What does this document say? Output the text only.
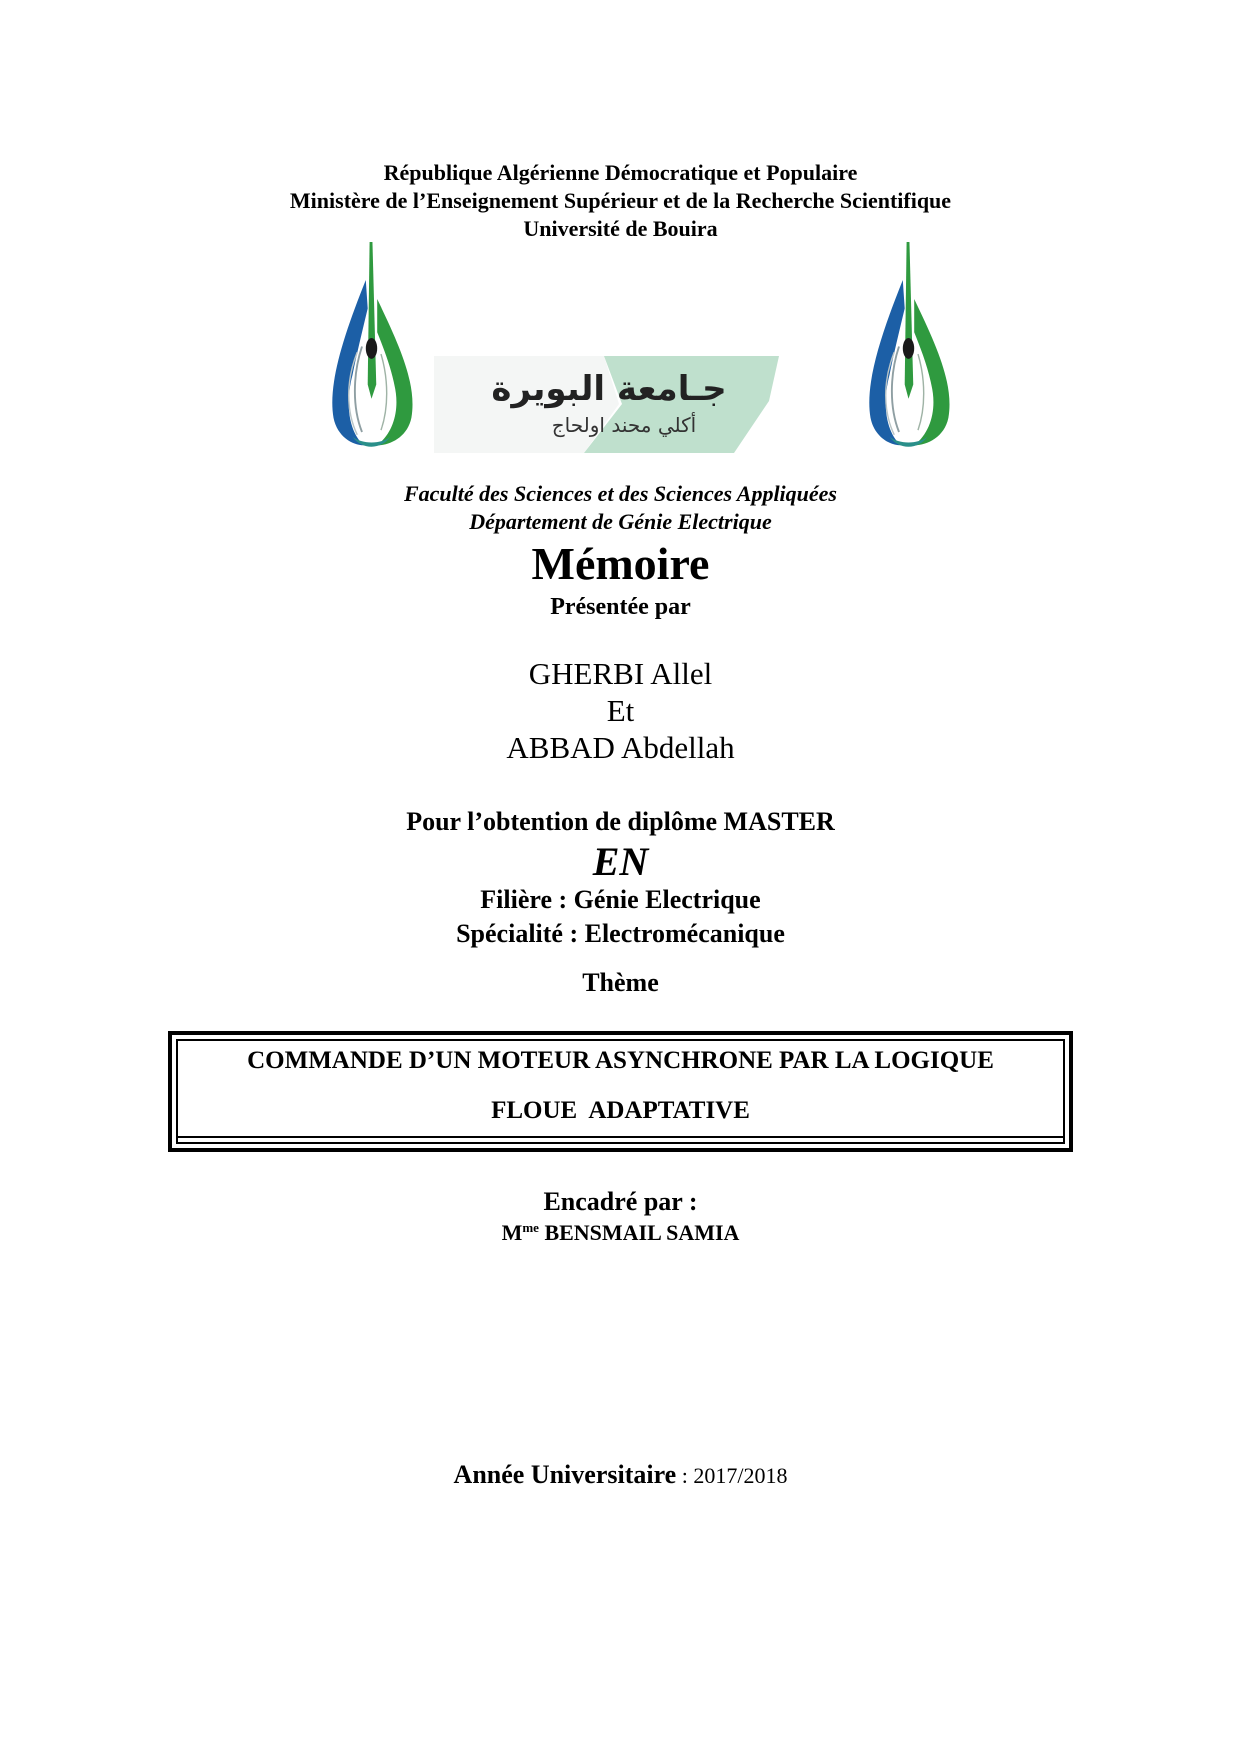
République Algérienne Démocratique et Populaire
Ministère de l’Enseignement Supérieur et de la Recherche Scientifique
Université de Bouira
جـامعة البويرة
أكلي محند اولحاج
Faculté des Sciences et des Sciences Appliquées
Département de Génie Electrique
Mémoire
Présentée par
GHERBI Allel
Et
ABBAD Abdellah
Pour l’obtention de diplôme MASTER
EN
Filière : Génie Electrique
Spécialité : Electromécanique
Thème
COMMANDE D’UN MOTEUR ASYNCHRONE PAR LA LOGIQUE
FLOUE  ADAPTATIVE
Encadré par :
$M^{me}$ BENSMAIL SAMIA
Année Universitaire : 2017/2018
